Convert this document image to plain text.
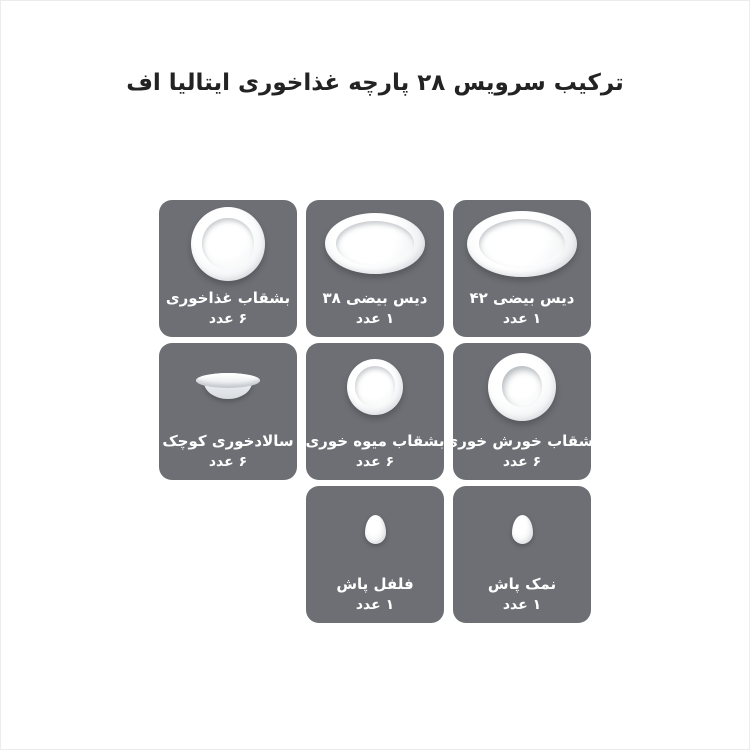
ترکیب سرویس ۲۸ پارچه غذاخوری ایتالیا اف
دیس بیضی ۴۲
۱ عدد
دیس بیضی ۳۸
۱ عدد
بشقاب غذاخوری
۶ عدد
بشقاب خورش خوری
۶ عدد
بشقاب میوه خوری
۶ عدد
سالادخوری کوچک
۶ عدد
نمک پاش
۱ عدد
فلفل پاش
۱ عدد
